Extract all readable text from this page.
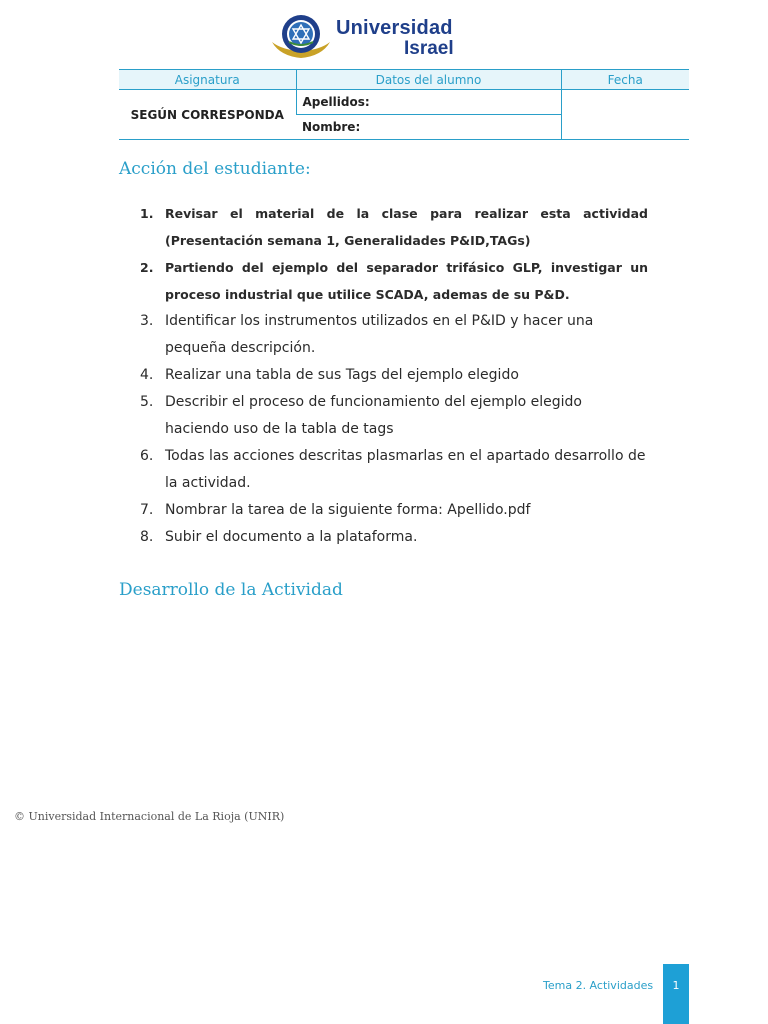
Universidad
Israel
Asignatura	Datos del alumno	Fecha
SEGÚN CORRESPONDA	Apellidos:	
	Nombre:	
Acción del estudiante:
1. Revisar el material de la clase para realizar esta actividad (Presentación semana 1, Generalidades P&ID,TAGs)
2. Partiendo del ejemplo del separador trifásico GLP, investigar un proceso industrial que utilice SCADA, ademas de su P&D.
3. Identificar los instrumentos utilizados en el P&ID y hacer una pequeña descripción.
4. Realizar una tabla de sus Tags del ejemplo elegido
5. Describir el proceso de funcionamiento del ejemplo elegido haciendo uso de la tabla de tags
6. Todas las acciones descritas plasmarlas en el apartado desarrollo de la actividad.
7. Nombrar la tarea de la siguiente forma: Apellido.pdf
8. Subir el documento a la plataforma.
Desarrollo de la Actividad
© Universidad Internacional de La Rioja (UNIR)
Tema 2. Actividades	1
